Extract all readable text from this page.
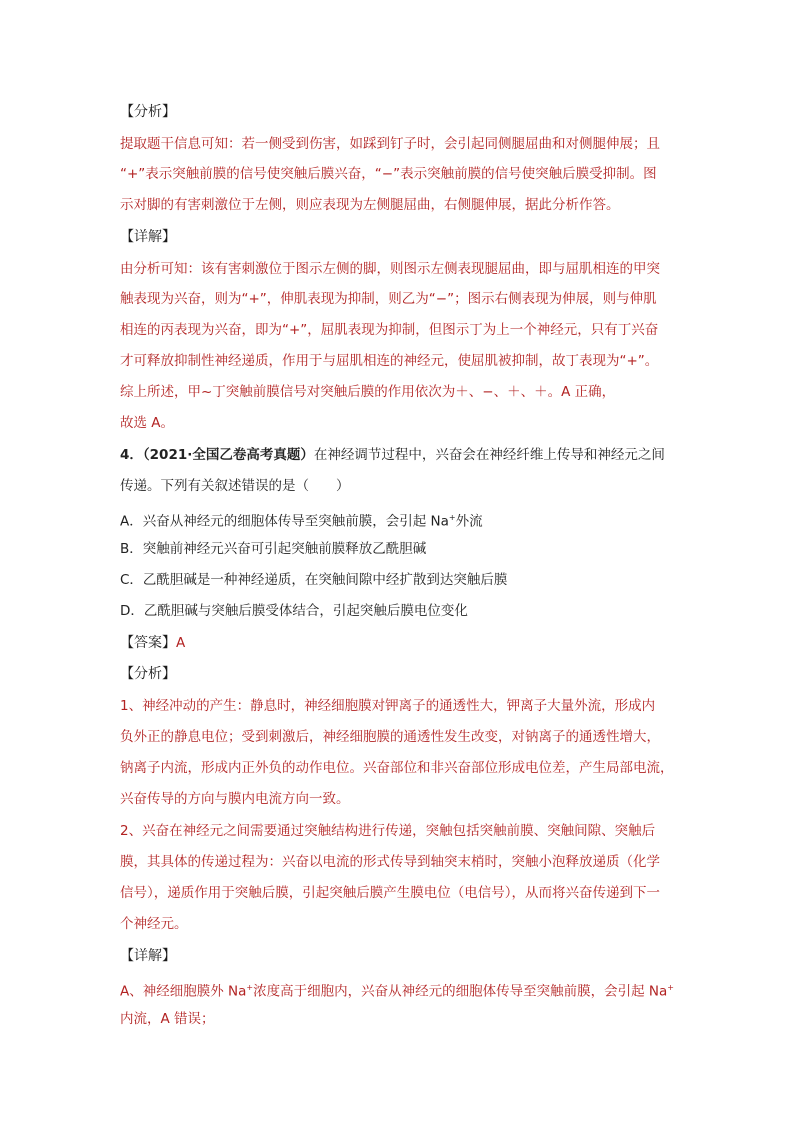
【分析】
提取题干信息可知：若一侧受到伤害，如踩到钉子时，会引起同侧腿屈曲和对侧腿伸展；且
“+”表示突触前膜的信号使突触后膜兴奋，“−”表示突触前膜的信号使突触后膜受抑制。图
示对脚的有害刺激位于左侧，则应表现为左侧腿屈曲，右侧腿伸展，据此分析作答。
【详解】
由分析可知：该有害刺激位于图示左侧的脚，则图示左侧表现腿屈曲，即与屈肌相连的甲突
触表现为兴奋，则为“+”，伸肌表现为抑制，则乙为“−”；图示右侧表现为伸展，则与伸肌
相连的丙表现为兴奋，即为“+”，屈肌表现为抑制，但图示丁为上一个神经元，只有丁兴奋
才可释放抑制性神经递质，作用于与屈肌相连的神经元，使屈肌被抑制，故丁表现为“+”。
综上所述，甲~丁突触前膜信号对突触后膜的作用依次为＋、−、＋、＋。A 正确，
故选 A。
4．（2021·全国乙卷高考真题）在神经调节过程中，兴奋会在神经纤维上传导和神经元之间
传递。下列有关叙述错误的是（　　）
A．兴奋从神经元的细胞体传导至突触前膜，会引起 Na+外流
B．突触前神经元兴奋可引起突触前膜释放乙酰胆碱
C．乙酰胆碱是一种神经递质，在突触间隙中经扩散到达突触后膜
D．乙酰胆碱与突触后膜受体结合，引起突触后膜电位变化
【答案】A
【分析】
1、神经冲动的产生：静息时，神经细胞膜对钾离子的通透性大，钾离子大量外流，形成内
负外正的静息电位；受到刺激后，神经细胞膜的通透性发生改变，对钠离子的通透性增大，
钠离子内流，形成内正外负的动作电位。兴奋部位和非兴奋部位形成电位差，产生局部电流，
兴奋传导的方向与膜内电流方向一致。
2、兴奋在神经元之间需要通过突触结构进行传递，突触包括突触前膜、突触间隙、突触后
膜，其具体的传递过程为：兴奋以电流的形式传导到轴突末梢时，突触小泡释放递质（化学
信号），递质作用于突触后膜，引起突触后膜产生膜电位（电信号），从而将兴奋传递到下一
个神经元。
【详解】
A、神经细胞膜外 Na+浓度高于细胞内，兴奋从神经元的细胞体传导至突触前膜，会引起 Na+
内流，A 错误；
